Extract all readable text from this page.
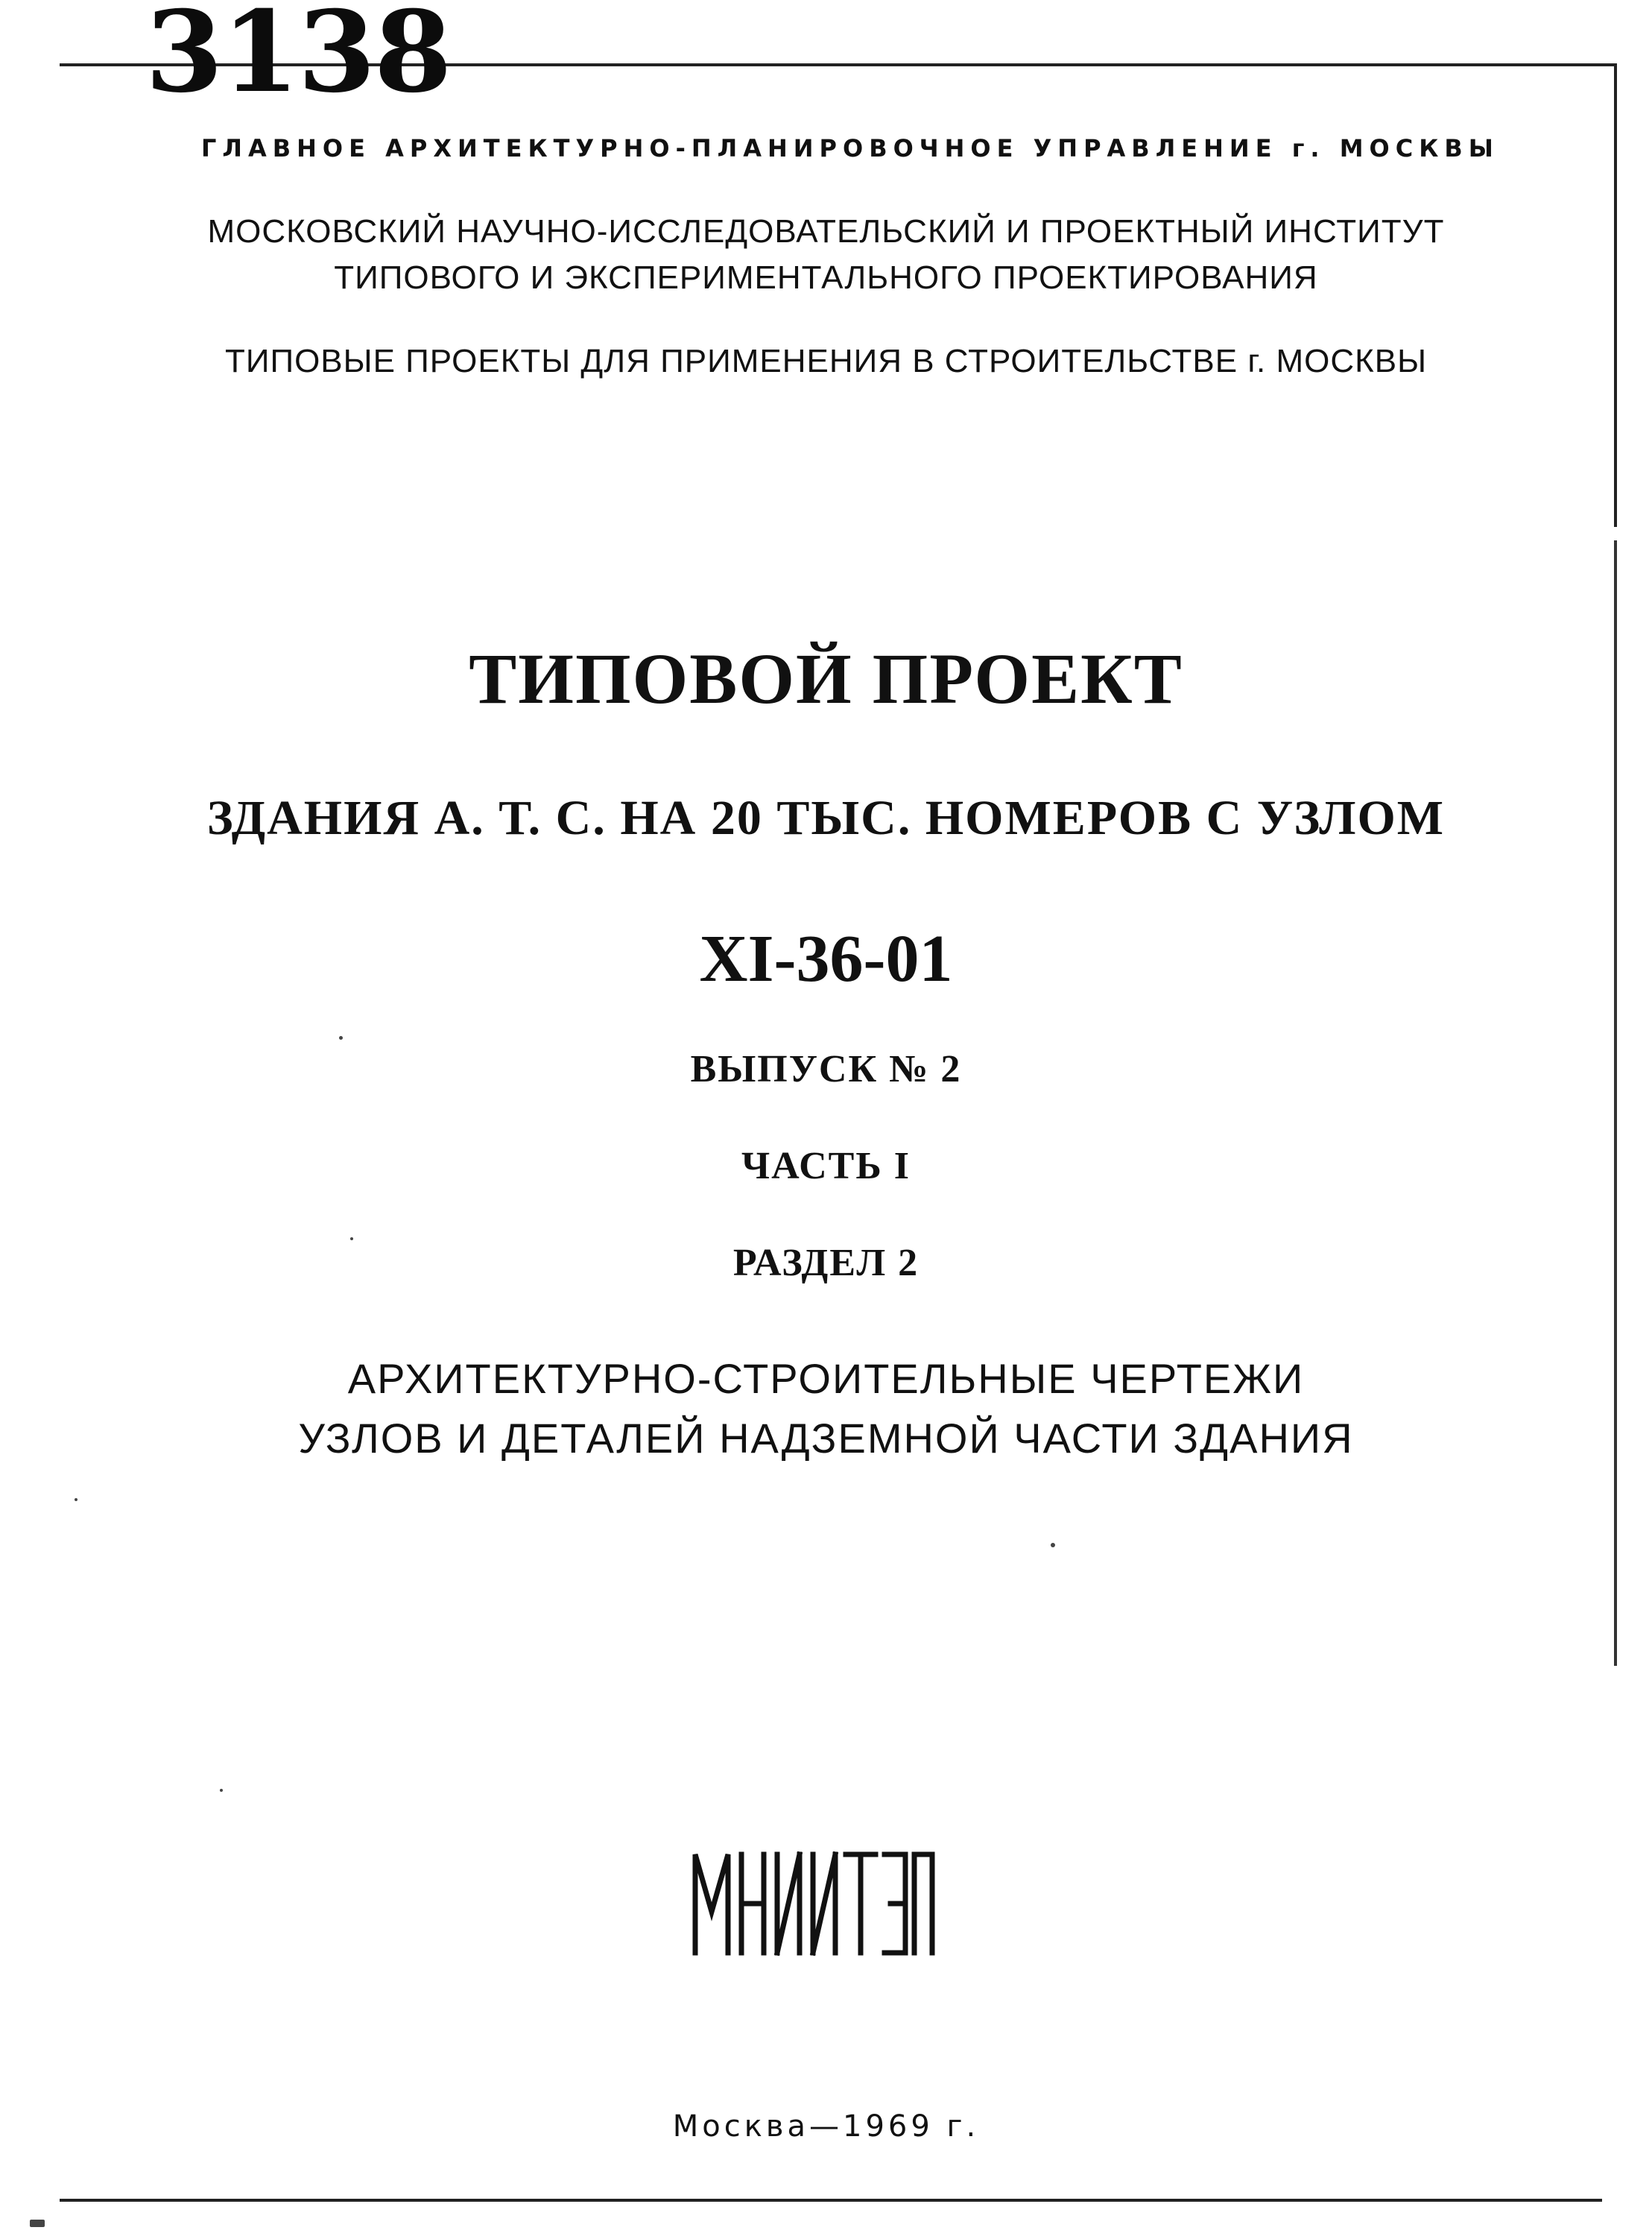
3138
ГЛАВНОЕ АРХИТЕКТУРНО-ПЛАНИРОВОЧНОЕ УПРАВЛЕНИЕ г. МОСКВЫ
МОСКОВСКИЙ НАУЧНО-ИССЛЕДОВАТЕЛЬСКИЙ И ПРОЕКТНЫЙ ИНСТИТУТ
ТИПОВОГО И ЭКСПЕРИМЕНТАЛЬНОГО ПРОЕКТИРОВАНИЯ
ТИПОВЫЕ ПРОЕКТЫ ДЛЯ ПРИМЕНЕНИЯ В СТРОИТЕЛЬСТВЕ г. МОСКВЫ
ТИПОВОЙ ПРОЕКТ
ЗДАНИЯ А. Т. С. НА 20 ТЫС. НОМЕРОВ С УЗЛОМ
XI-36-01
ВЫПУСК № 2
ЧАСТЬ I
РАЗДЕЛ 2
АРХИТЕКТУРНО-СТРОИТЕЛЬНЫЕ ЧЕРТЕЖИ
УЗЛОВ И ДЕТАЛЕЙ НАДЗЕМНОЙ ЧАСТИ ЗДАНИЯ
Москва—1969 г.
